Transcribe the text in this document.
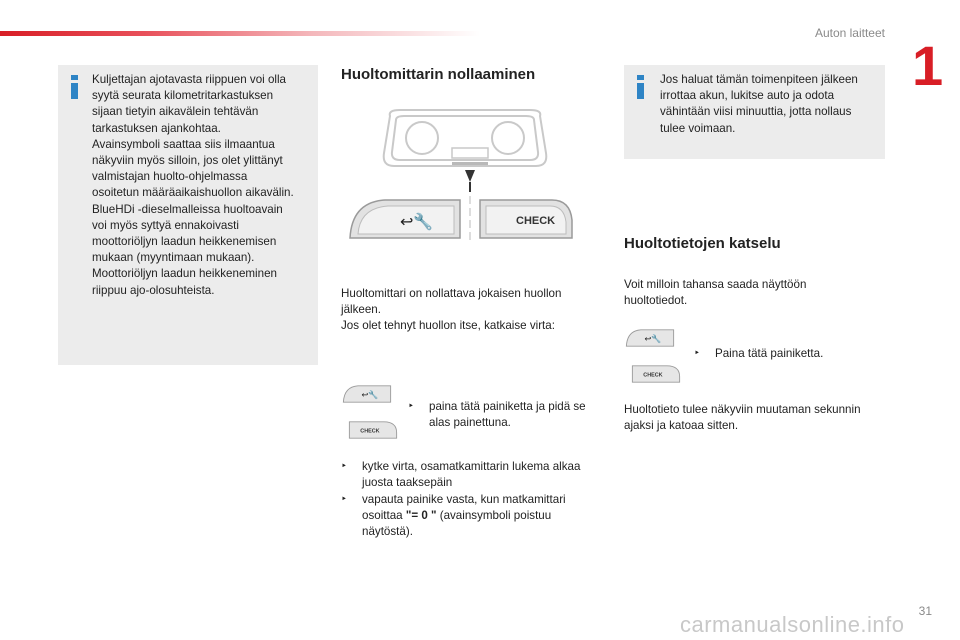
Auton laitteet
1
Kuljettajan ajotavasta riippuen voi olla
syytä seurata kilometritarkastuksen
sijaan tietyin aikavälein tehtävän
tarkastuksen ajankohtaa.
Avainsymboli saattaa siis ilmaantua
näkyviin myös silloin, jos olet ylittänyt
valmistajan huolto-ohjelmassa
osoitetun määräaikaishuollon aikavälin.
BlueHDi -dieselmalleissa huoltoavain
voi myös syttyä ennakoivasti
moottoriöljyn laadun heikkenemisen
mukaan (myyntimaan mukaan).
Moottoriöljyn laadun heikkeneminen
riippuu ajo-olosuhteista.
Huoltomittarin nollaaminen
↩🔧	CHECK
Huoltomittari on nollattava jokaisen huollon
jälkeen.
Jos olet tehnyt huollon itse, katkaise virta:
↩🔧
CHECK
‣ paina tätä painiketta ja pidä se
alas painettuna.
‣ kytke virta, osamatkamittarin lukema alkaa
juosta taaksepäin
‣ vapauta painike vasta, kun matkamittari
osoittaa "= 0 " (avainsymboli poistuu
näytöstä).
Jos haluat tämän toimenpiteen jälkeen
irrottaa akun, lukitse auto ja odota
vähintään viisi minuuttia, jotta nollaus
tulee voimaan.
Huoltotietojen katselu
Voit milloin tahansa saada näyttöön
huoltotiedot.
↩🔧
CHECK
‣ Paina tätä painiketta.
Huoltotieto tulee näkyviin muutaman sekunnin
ajaksi ja katoaa sitten.
31
carmanualsonline.info
